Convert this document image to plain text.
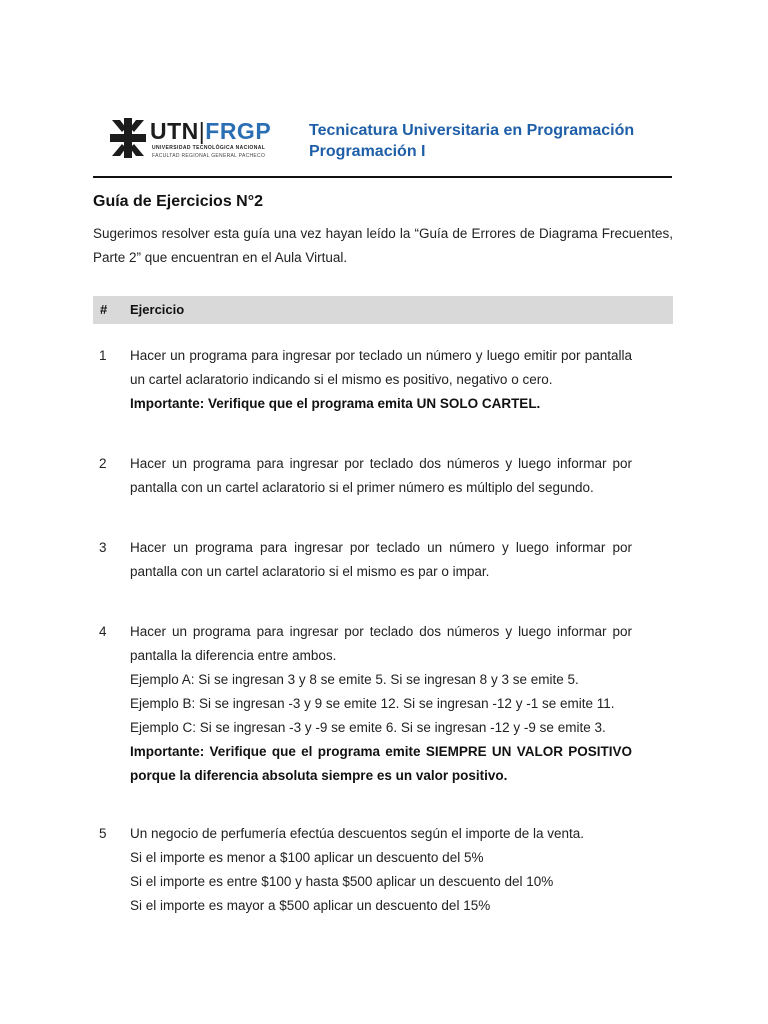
UTN|FRGP
UNIVERSIDAD TECNOLÓGICA NACIONAL
FACULTAD REGIONAL GENERAL PACHECO
Tecnicatura Universitaria en Programación
Programación I
Guía de Ejercicios N°2
Sugerimos resolver esta guía una vez hayan leído la “Guía de Errores de Diagrama Frecuentes, Parte 2” que encuentran en el Aula Virtual.
# Ejercicio
1 Hacer un programa para ingresar por teclado un número y luego emitir por pantalla un cartel aclaratorio indicando si el mismo es positivo, negativo o cero.

Importante: Verifique que el programa emita UN SOLO CARTEL.

2 Hacer un programa para ingresar por teclado dos números y luego informar por pantalla con un cartel aclaratorio si el primer número es múltiplo del segundo.

3 Hacer un programa para ingresar por teclado un número y luego informar por pantalla con un cartel aclaratorio si el mismo es par o impar.

4 Hacer un programa para ingresar por teclado dos números y luego informar por pantalla la diferencia entre ambos.

Ejemplo A: Si se ingresan 3 y 8 se emite 5. Si se ingresan 8 y 3 se emite 5.

Ejemplo B: Si se ingresan -3 y 9 se emite 12. Si se ingresan -12 y -1 se emite 11.

Ejemplo C: Si se ingresan -3 y -9 se emite 6. Si se ingresan -12 y -9 se emite 3.

Importante: Verifique que el programa emite SIEMPRE UN VALOR POSITIVO porque la diferencia absoluta siempre es un valor positivo.

5 Un negocio de perfumería efectúa descuentos según el importe de la venta.

Si el importe es menor a $100 aplicar un descuento del 5%

Si el importe es entre $100 y hasta $500 aplicar un descuento del 10%

Si el importe es mayor a $500 aplicar un descuento del 15%
